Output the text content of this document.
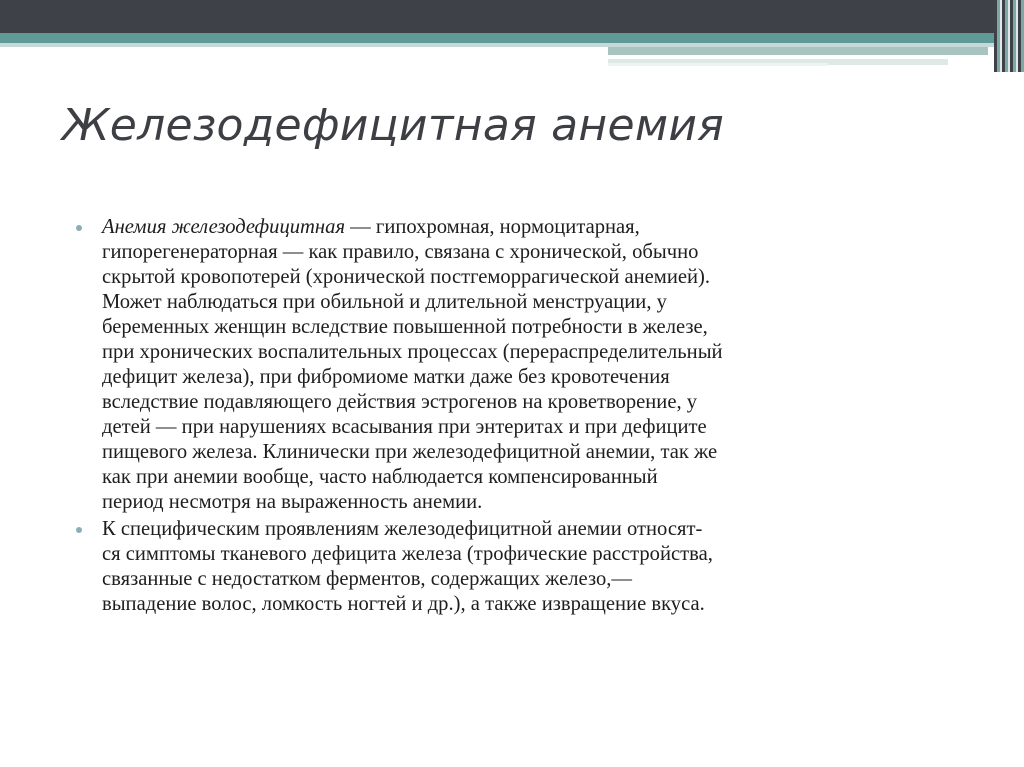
Железодефицитная анемия
Анемия железодефицитная — гипохромная, нормоцитарная,
гипорегенераторная — как правило, связана с хронической, обычно
скрытой кровопотерей (хронической постгеморрагической анемией).
Может наблюдаться при обильной и длительной менструации, у
беременных женщин вследствие повышенной потребности в железе,
при хронических воспалительных процессах (перераспределительный
дефицит железа), при фибромиоме матки даже без кровотечения
вследствие подавляющего действия эстрогенов на кроветворение, у
детей — при нарушениях всасывания при энтеритах и при дефиците
пищевого железа. Клинически при железодефицитной анемии, так же
как при анемии вообще, часто наблюдается компенсированный
период несмотря на выраженность анемии.
К специфическим проявлениям железодефицитной анемии относят-
ся симптомы тканевого дефицита железа (трофические расстройства,
связанные с недостатком ферментов, содержащих железо,—
выпадение волос, ломкость ногтей и др.), а также извращение вкуса.
